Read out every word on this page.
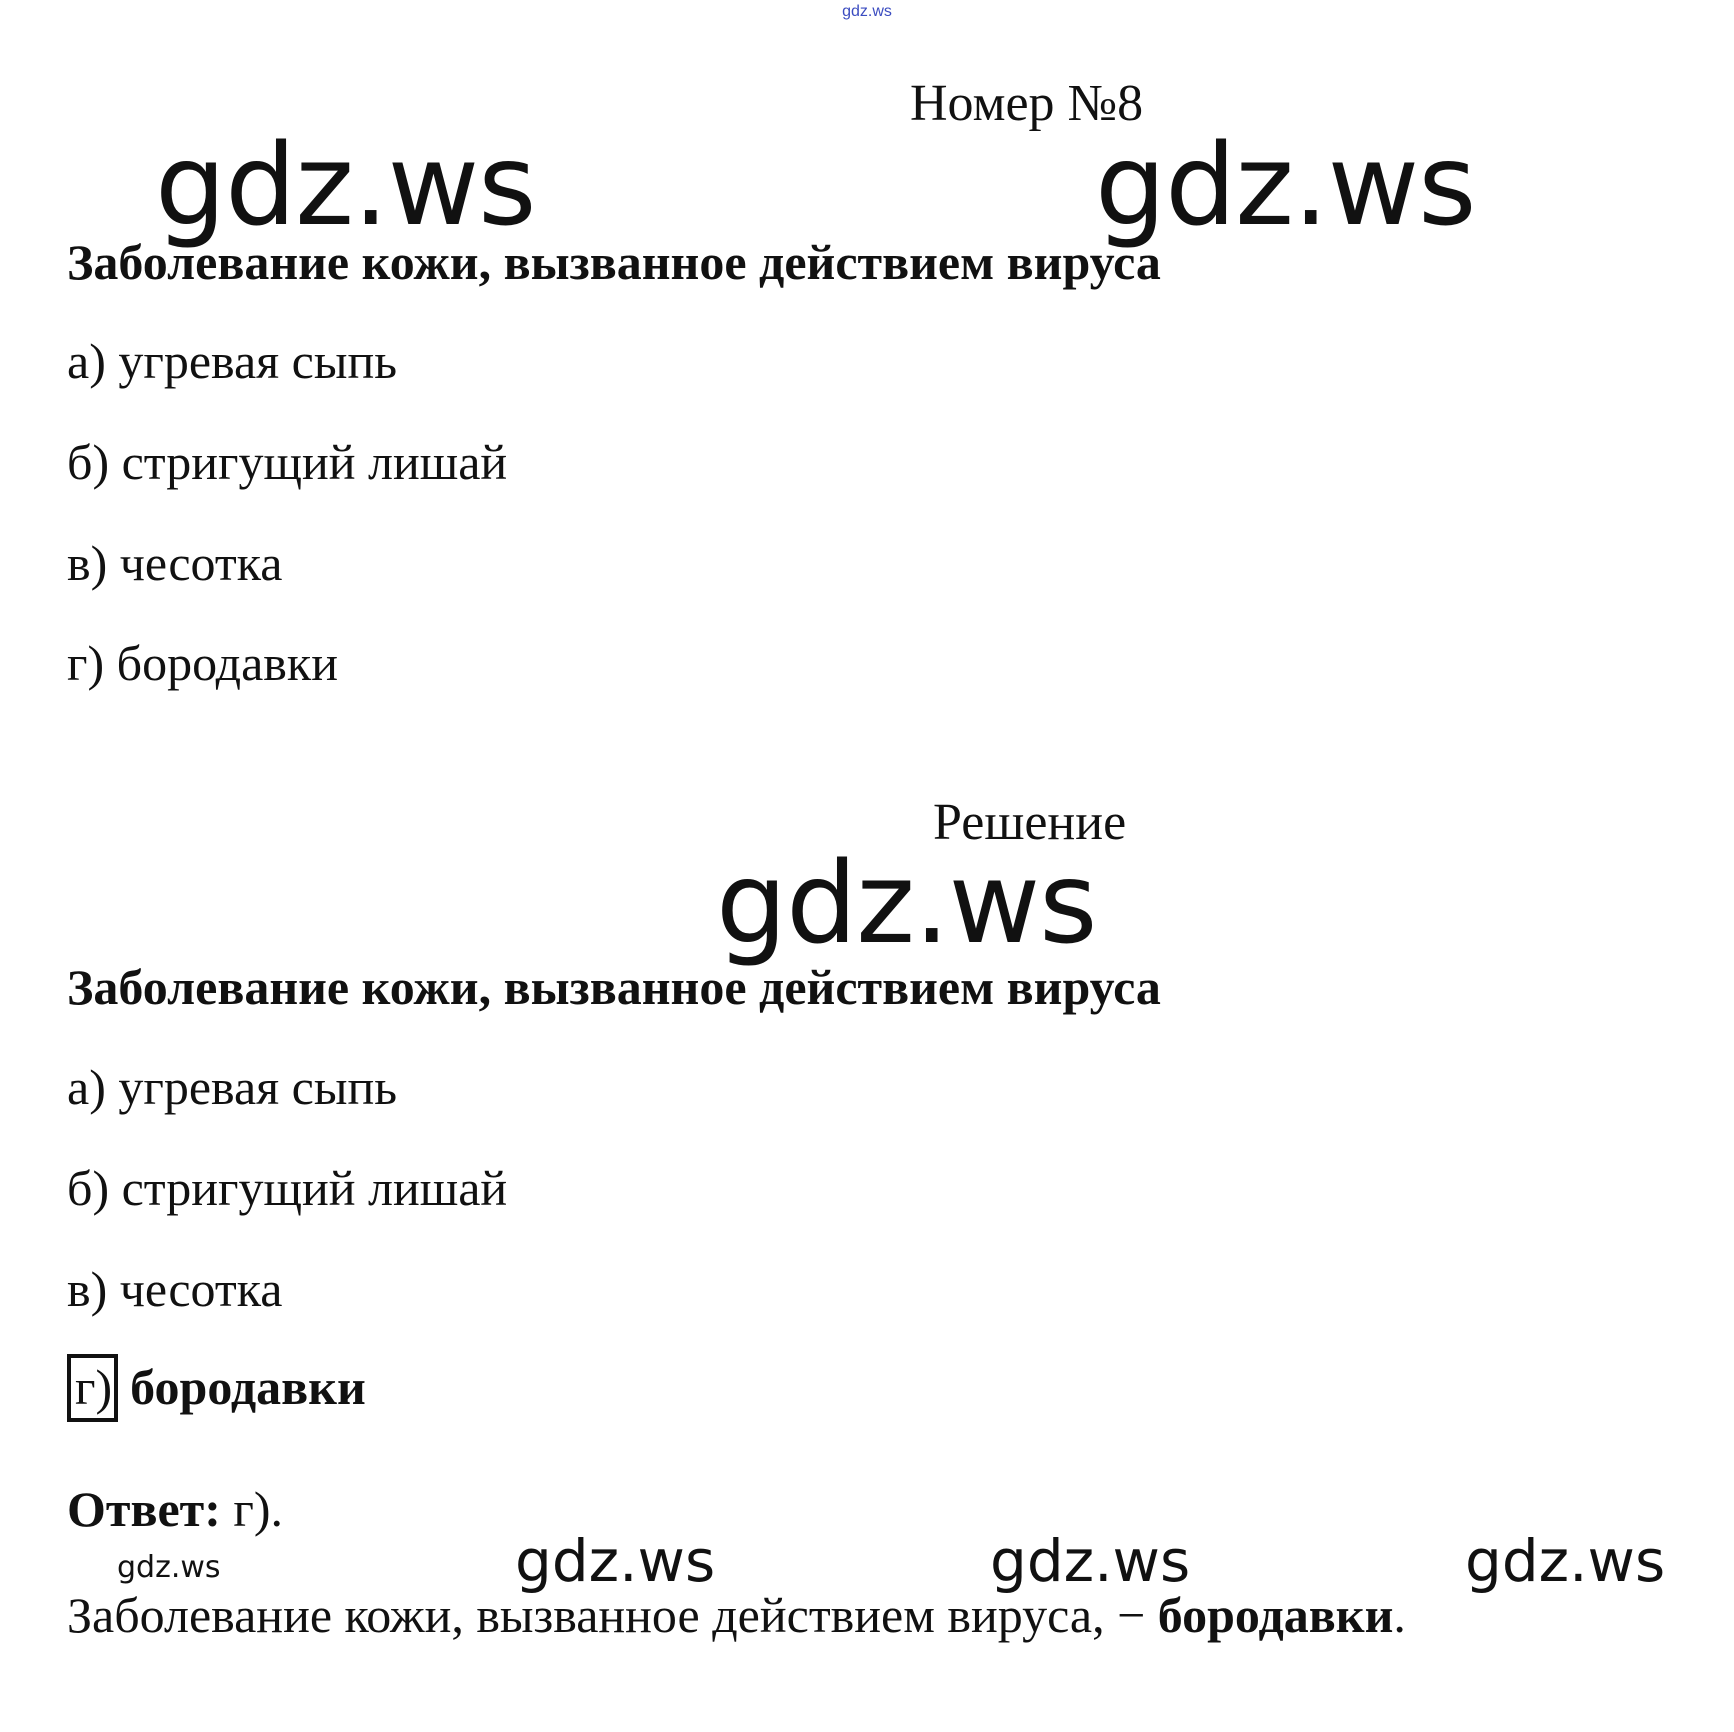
gdz.ws
Номер №8
gdz.ws	gdz.ws
Заболевание кожи, вызванное действием вируса
а) угревая сыпь
б) стригущий лишай
в) чесотка
г) бородавки
Решение
gdz.ws
Заболевание кожи, вызванное действием вируса
а) угревая сыпь
б) стригущий лишай
в) чесотка
г) бородавки
Ответ: г).
gdz.ws	gdz.ws	gdz.ws	gdz.ws
Заболевание кожи, вызванное действием вируса, − бородавки.
